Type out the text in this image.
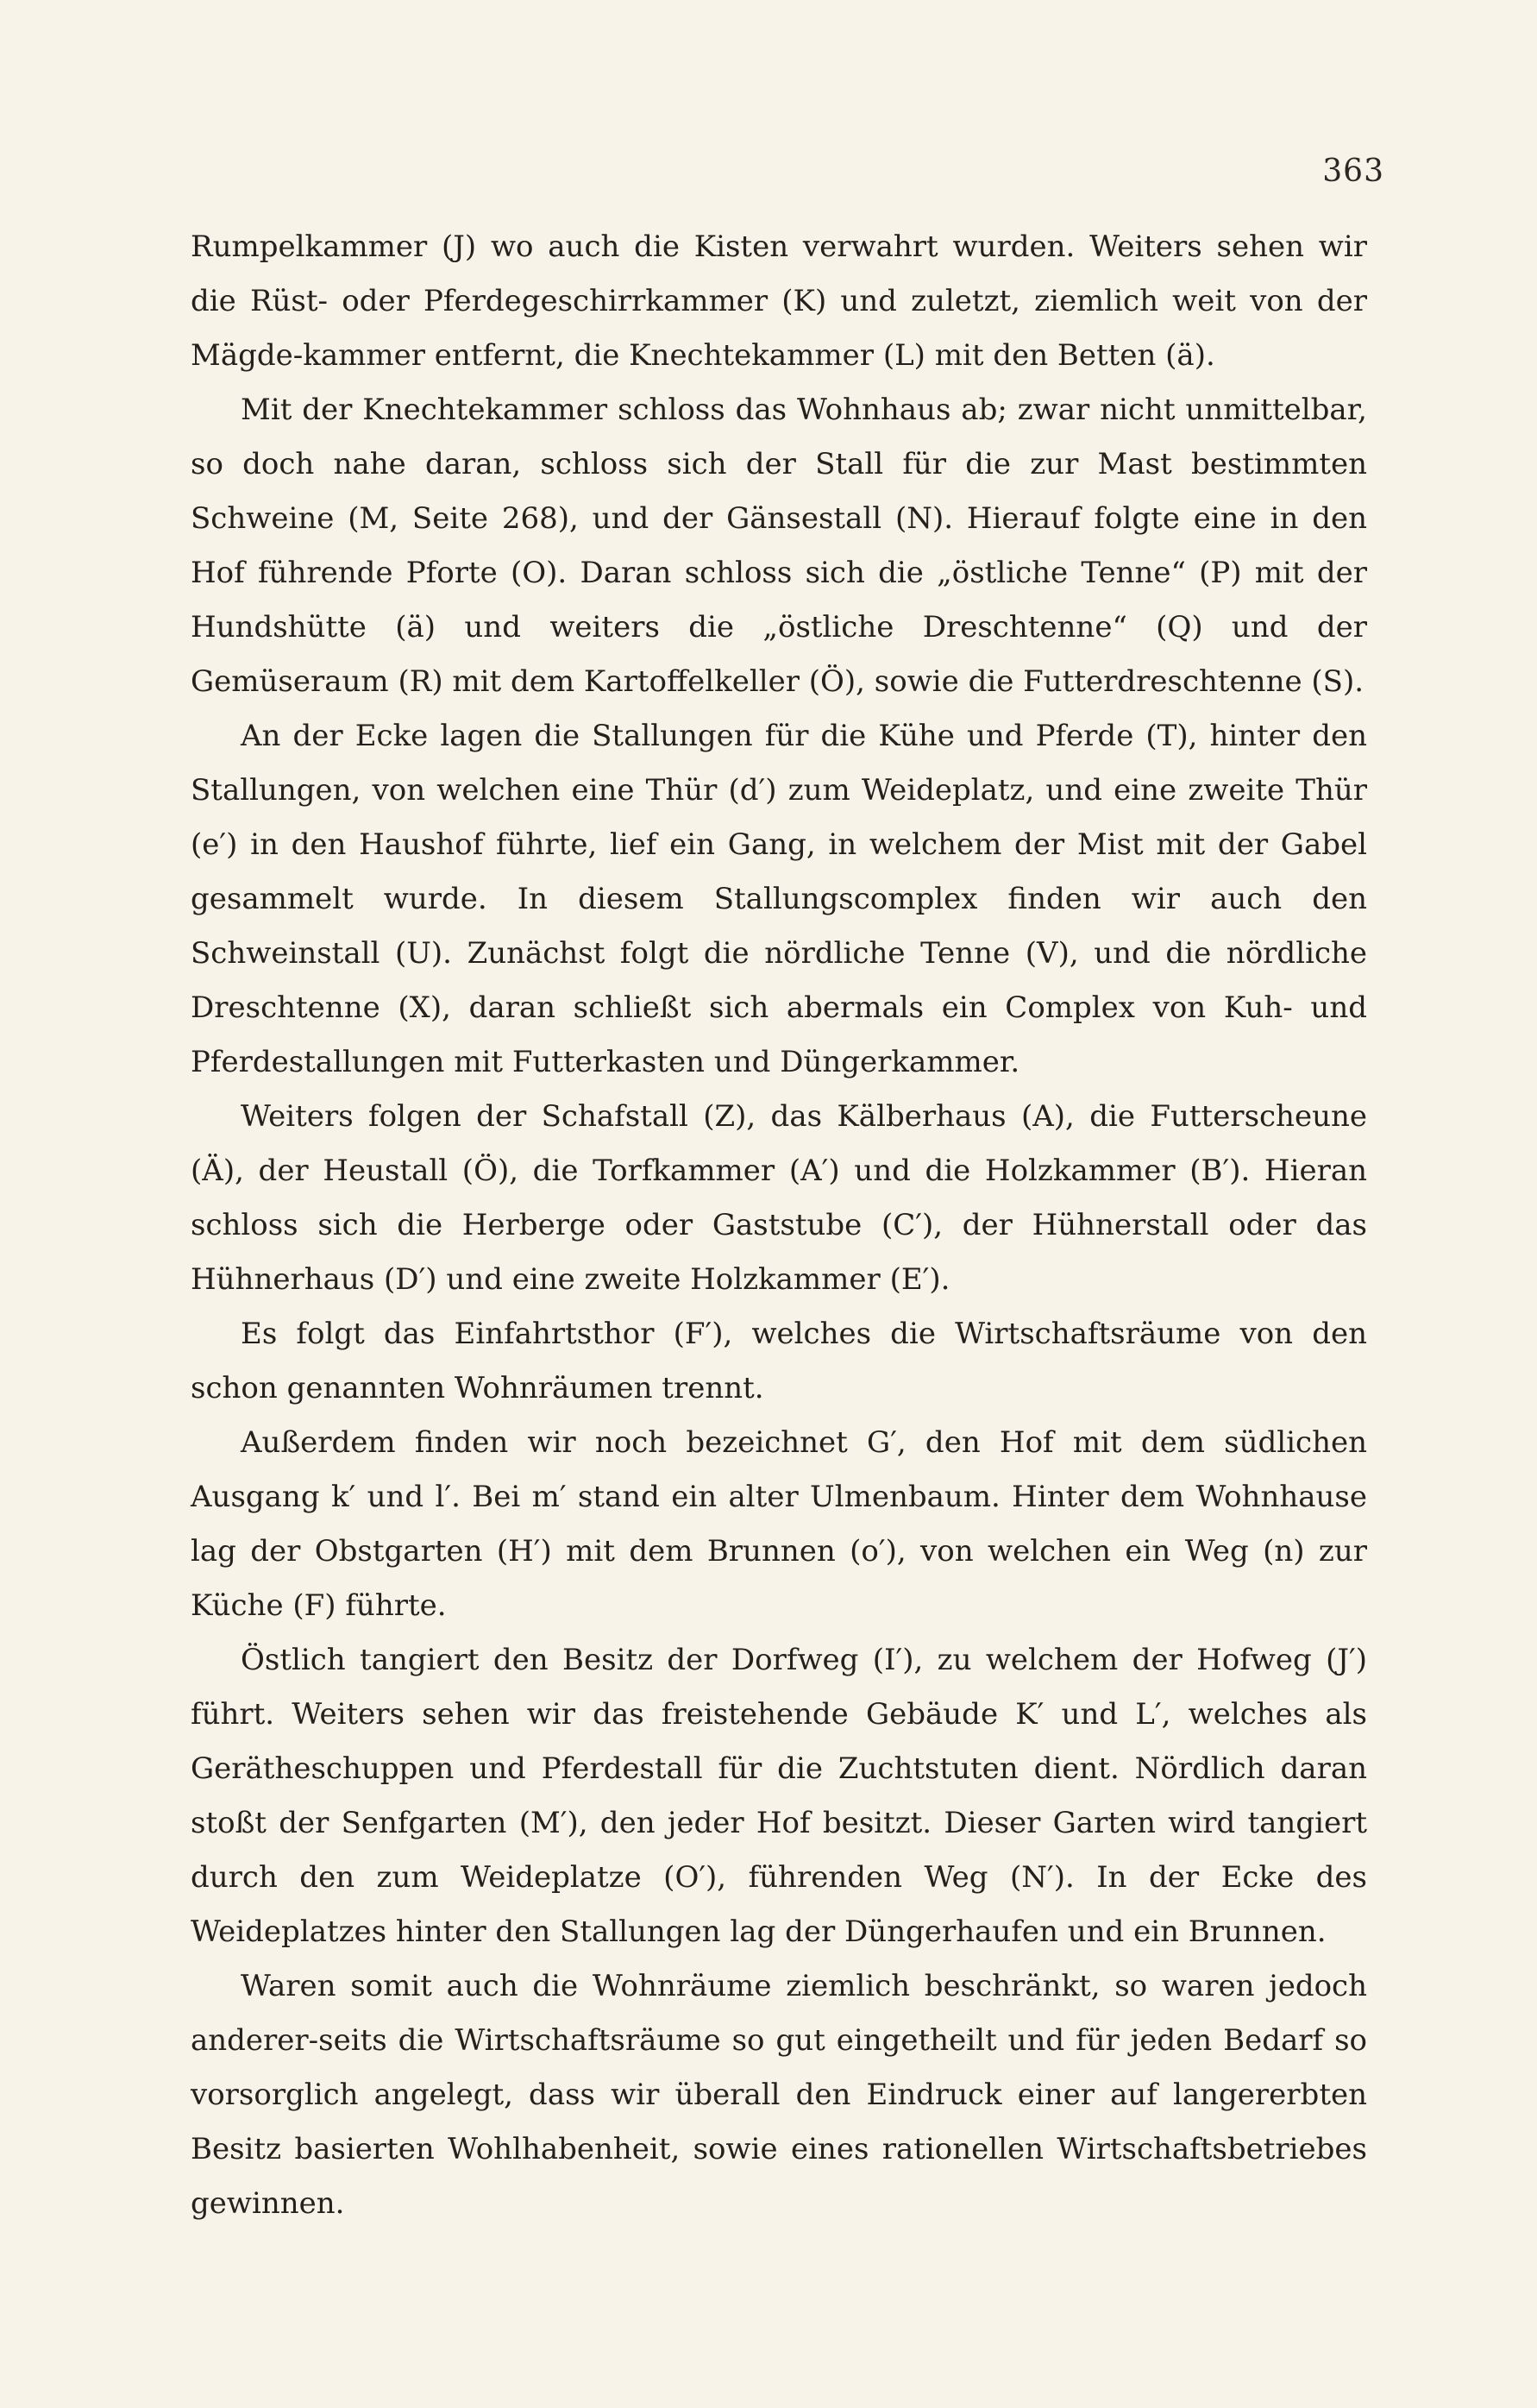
363

Rumpelkammer (J) wo auch die Kisten verwahrt wurden. Weiters sehen wir die Rüst- oder Pferdegeschirrkammer (K) und zuletzt, ziemlich weit von der Mägde-kammer entfernt, die Knechtekammer (L) mit den Betten (ä).

Mit der Knechtekammer schloss das Wohnhaus ab; zwar nicht unmittelbar, so doch nahe daran, schloss sich der Stall für die zur Mast bestimmten Schweine (M, Seite 268), und der Gänsestall (N). Hierauf folgte eine in den Hof führende Pforte (O). Daran schloss sich die „östliche Tenne“ (P) mit der Hundshütte (ä) und weiters die „östliche Dreschtenne“ (Q) und der Gemüseraum (R) mit dem Kartoffelkeller (Ö), sowie die Futterdreschtenne (S).

An der Ecke lagen die Stallungen für die Kühe und Pferde (T), hinter den Stallungen, von welchen eine Thür (d′) zum Weideplatz, und eine zweite Thür (e′) in den Haushof führte, lief ein Gang, in welchem der Mist mit der Gabel gesammelt wurde. In diesem Stallungscomplex finden wir auch den Schweinstall (U). Zunächst folgt die nördliche Tenne (V), und die nördliche Dreschtenne (X), daran schließt sich abermals ein Complex von Kuh- und Pferdestallungen mit Futterkasten und Düngerkammer.

Weiters folgen der Schafstall (Z), das Kälberhaus (A), die Futterscheune (Ä), der Heustall (Ö), die Torfkammer (A′) und die Holzkammer (B′). Hieran schloss sich die Herberge oder Gaststube (C′), der Hühnerstall oder das Hühnerhaus (D′) und eine zweite Holzkammer (E′).

Es folgt das Einfahrtsthor (F′), welches die Wirtschaftsräume von den schon genannten Wohnräumen trennt.

Außerdem finden wir noch bezeichnet G′, den Hof mit dem südlichen Ausgang k′ und l′. Bei m′ stand ein alter Ulmenbaum. Hinter dem Wohnhause lag der Obstgarten (H′) mit dem Brunnen (o′), von welchen ein Weg (n) zur Küche (F) führte.

Östlich tangiert den Besitz der Dorfweg (I′), zu welchem der Hofweg (J′) führt. Weiters sehen wir das freistehende Gebäude K′ und L′, welches als Gerätheschuppen und Pferdestall für die Zuchtstuten dient. Nördlich daran stoßt der Senfgarten (M′), den jeder Hof besitzt. Dieser Garten wird tangiert durch den zum Weideplatze (O′), führenden Weg (N′). In der Ecke des Weideplatzes hinter den Stallungen lag der Düngerhaufen und ein Brunnen.

Waren somit auch die Wohnräume ziemlich beschränkt, so waren jedoch anderer-seits die Wirtschaftsräume so gut eingetheilt und für jeden Bedarf so vorsorglich angelegt, dass wir überall den Eindruck einer auf langererbten Besitz basierten Wohlhabenheit, sowie eines rationellen Wirtschaftsbetriebes gewinnen.
